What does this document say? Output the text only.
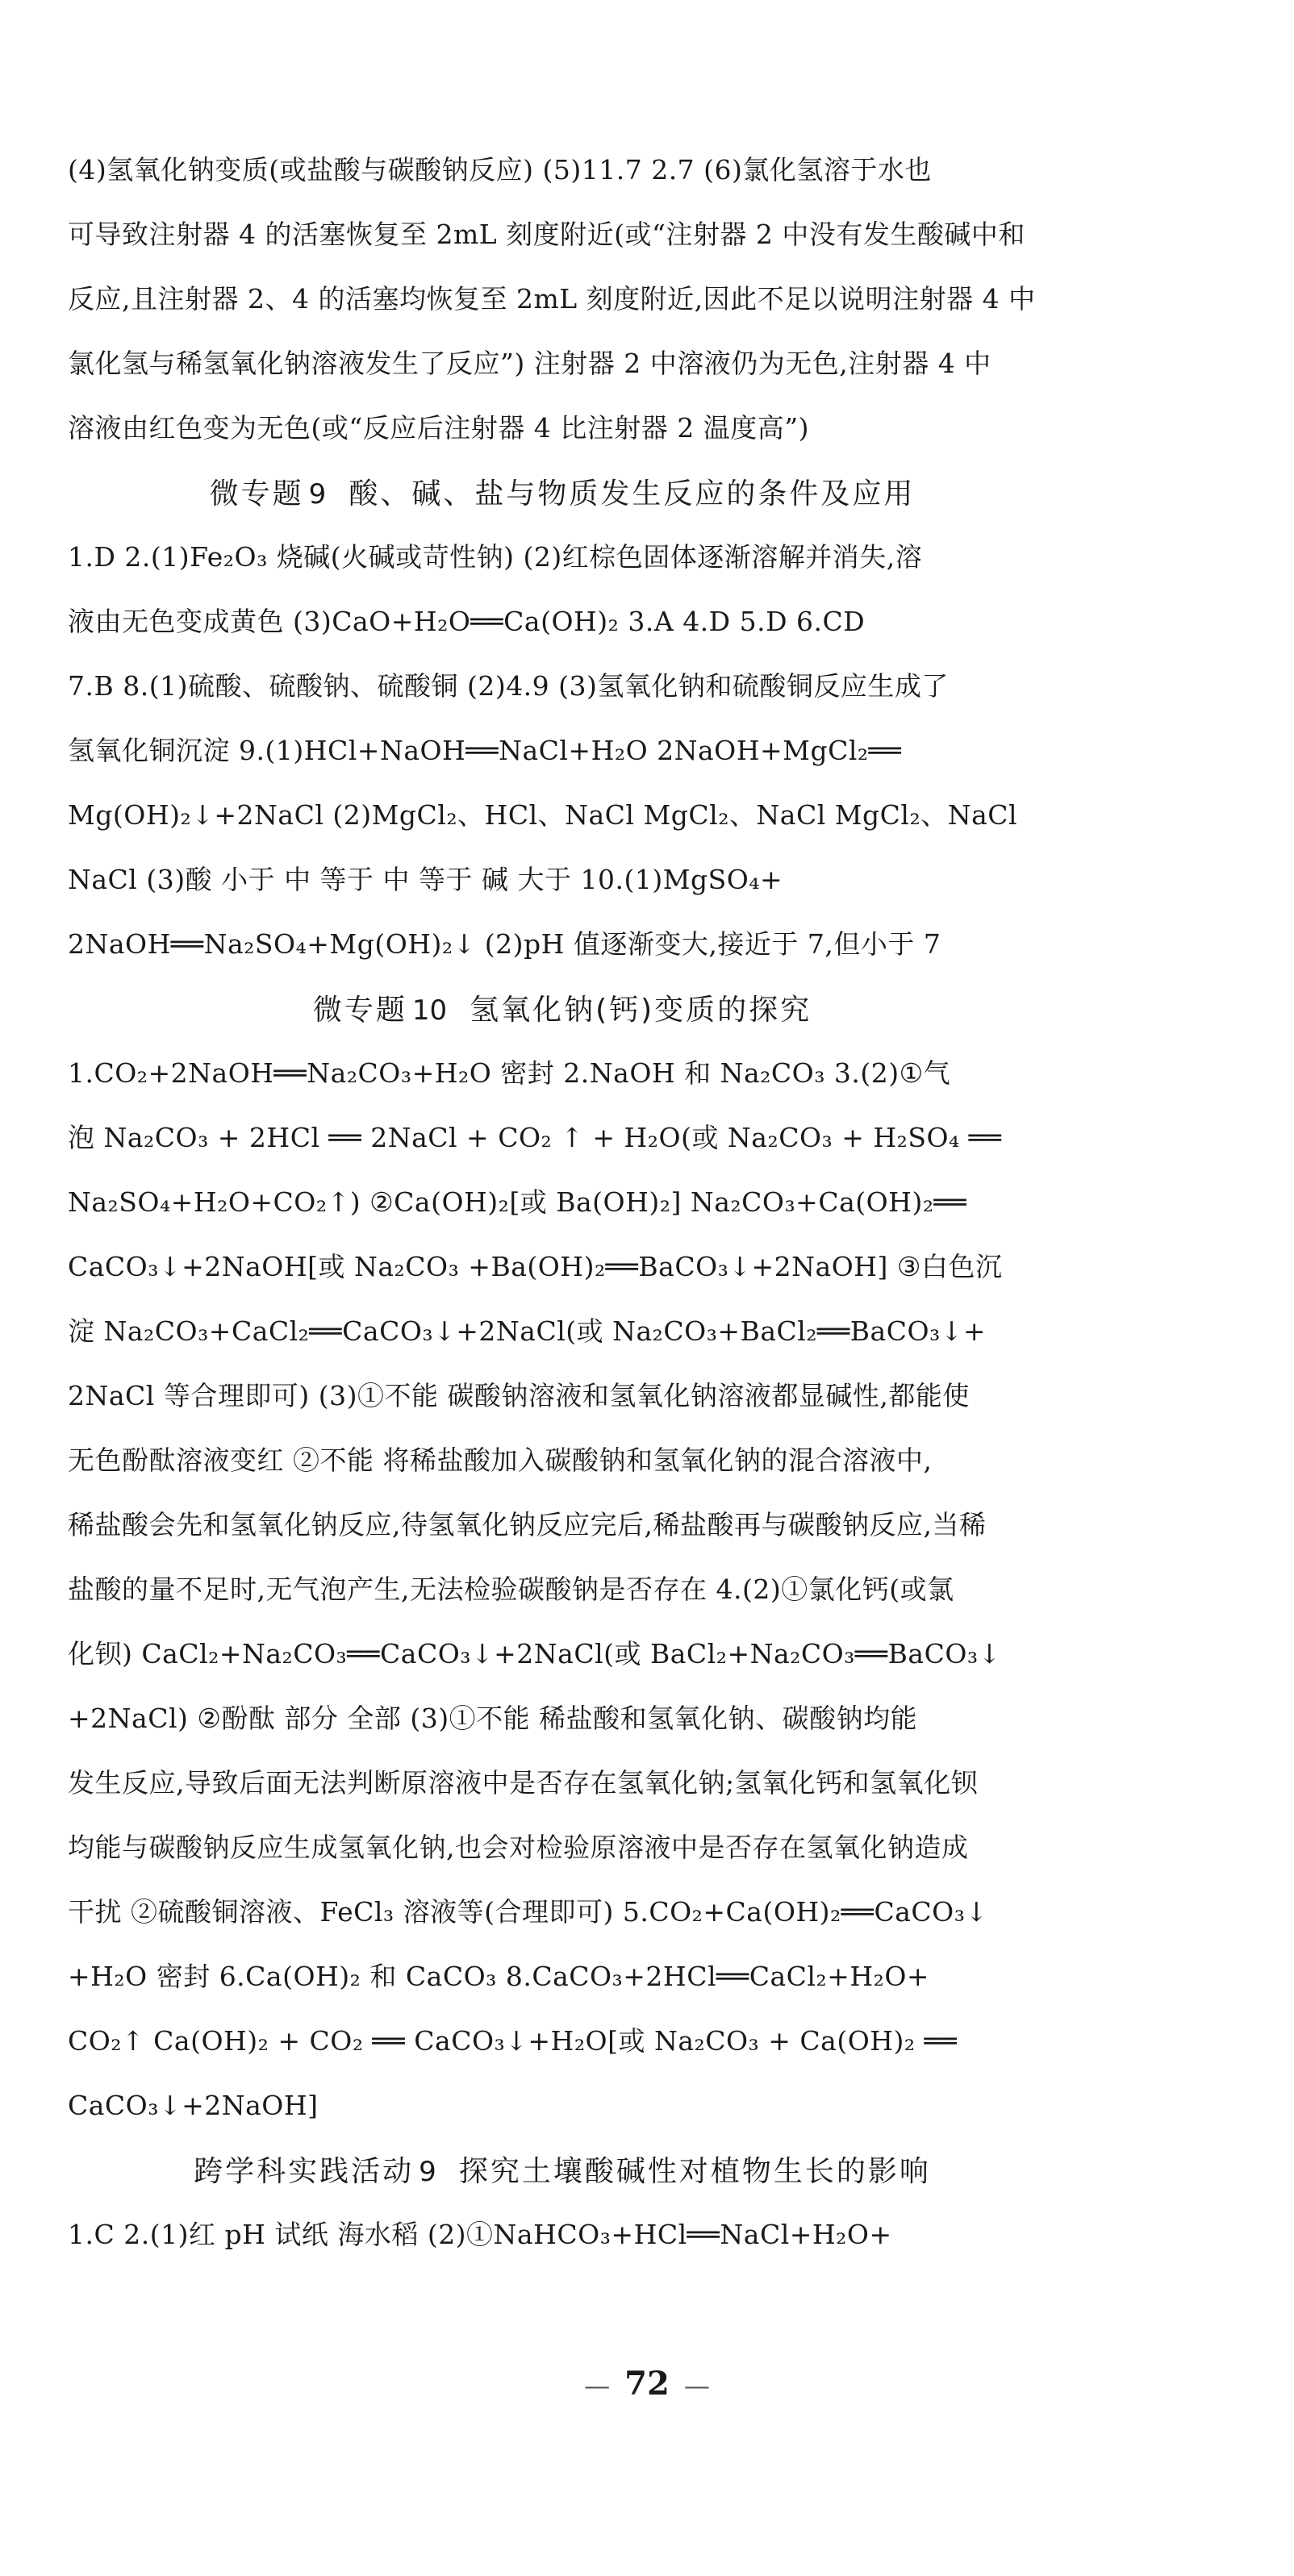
(4)氢氧化钠变质(或盐酸与碳酸钠反应) (5)11.7 2.7 (6)氯化氢溶于水也
可导致注射器 4 的活塞恢复至 2mL 刻度附近(或“注射器 2 中没有发生酸碱中和
反应,且注射器 2、4 的活塞均恢复至 2mL 刻度附近,因此不足以说明注射器 4 中
氯化氢与稀氢氧化钠溶液发生了反应”) 注射器 2 中溶液仍为无色,注射器 4 中
溶液由红色变为无色(或“反应后注射器 4 比注射器 2 温度高”)
微专题 9 酸、碱、盐与物质发生反应的条件及应用
1.D 2.(1)Fe₂O₃ 烧碱(火碱或苛性钠) (2)红棕色固体逐渐溶解并消失,溶
液由无色变成黄色 (3)CaO+H₂O══Ca(OH)₂ 3.A 4.D 5.D 6.CD
7.B 8.(1)硫酸、硫酸钠、硫酸铜 (2)4.9 (3)氢氧化钠和硫酸铜反应生成了
氢氧化铜沉淀 9.(1)HCl+NaOH══NaCl+H₂O 2NaOH+MgCl₂══
Mg(OH)₂↓+2NaCl (2)MgCl₂、HCl、NaCl MgCl₂、NaCl MgCl₂、NaCl
NaCl (3)酸 小于 中 等于 中 等于 碱 大于 10.(1)MgSO₄+
2NaOH══Na₂SO₄+Mg(OH)₂↓ (2)pH 值逐渐变大,接近于 7,但小于 7
微专题 10 氢氧化钠(钙)变质的探究
1.CO₂+2NaOH══Na₂CO₃+H₂O 密封 2.NaOH 和 Na₂CO₃ 3.(2)①气
泡 Na₂CO₃ + 2HCl ══ 2NaCl + CO₂ ↑ + H₂O(或 Na₂CO₃ + H₂SO₄ ══
Na₂SO₄+H₂O+CO₂↑) ②Ca(OH)₂[或 Ba(OH)₂] Na₂CO₃+Ca(OH)₂══
CaCO₃↓+2NaOH[或 Na₂CO₃ +Ba(OH)₂══BaCO₃↓+2NaOH] ③白色沉
淀 Na₂CO₃+CaCl₂══CaCO₃↓+2NaCl(或 Na₂CO₃+BaCl₂══BaCO₃↓+
2NaCl 等合理即可) (3)①不能 碳酸钠溶液和氢氧化钠溶液都显碱性,都能使
无色酚酞溶液变红 ②不能 将稀盐酸加入碳酸钠和氢氧化钠的混合溶液中,
稀盐酸会先和氢氧化钠反应,待氢氧化钠反应完后,稀盐酸再与碳酸钠反应,当稀
盐酸的量不足时,无气泡产生,无法检验碳酸钠是否存在 4.(2)①氯化钙(或氯
化钡) CaCl₂+Na₂CO₃══CaCO₃↓+2NaCl(或 BaCl₂+Na₂CO₃══BaCO₃↓
+2NaCl) ②酚酞 部分 全部 (3)①不能 稀盐酸和氢氧化钠、碳酸钠均能
发生反应,导致后面无法判断原溶液中是否存在氢氧化钠;氢氧化钙和氢氧化钡
均能与碳酸钠反应生成氢氧化钠,也会对检验原溶液中是否存在氢氧化钠造成
干扰 ②硫酸铜溶液、FeCl₃ 溶液等(合理即可) 5.CO₂+Ca(OH)₂══CaCO₃↓
+H₂O 密封 6.Ca(OH)₂ 和 CaCO₃ 8.CaCO₃+2HCl══CaCl₂+H₂O+
CO₂↑ Ca(OH)₂ + CO₂ ══ CaCO₃↓+H₂O[或 Na₂CO₃ + Ca(OH)₂ ══
CaCO₃↓+2NaOH]
跨学科实践活动 9 探究土壤酸碱性对植物生长的影响
1.C 2.(1)红 pH 试纸 海水稻 (2)①NaHCO₃+HCl══NaCl+H₂O+
— 72 —
